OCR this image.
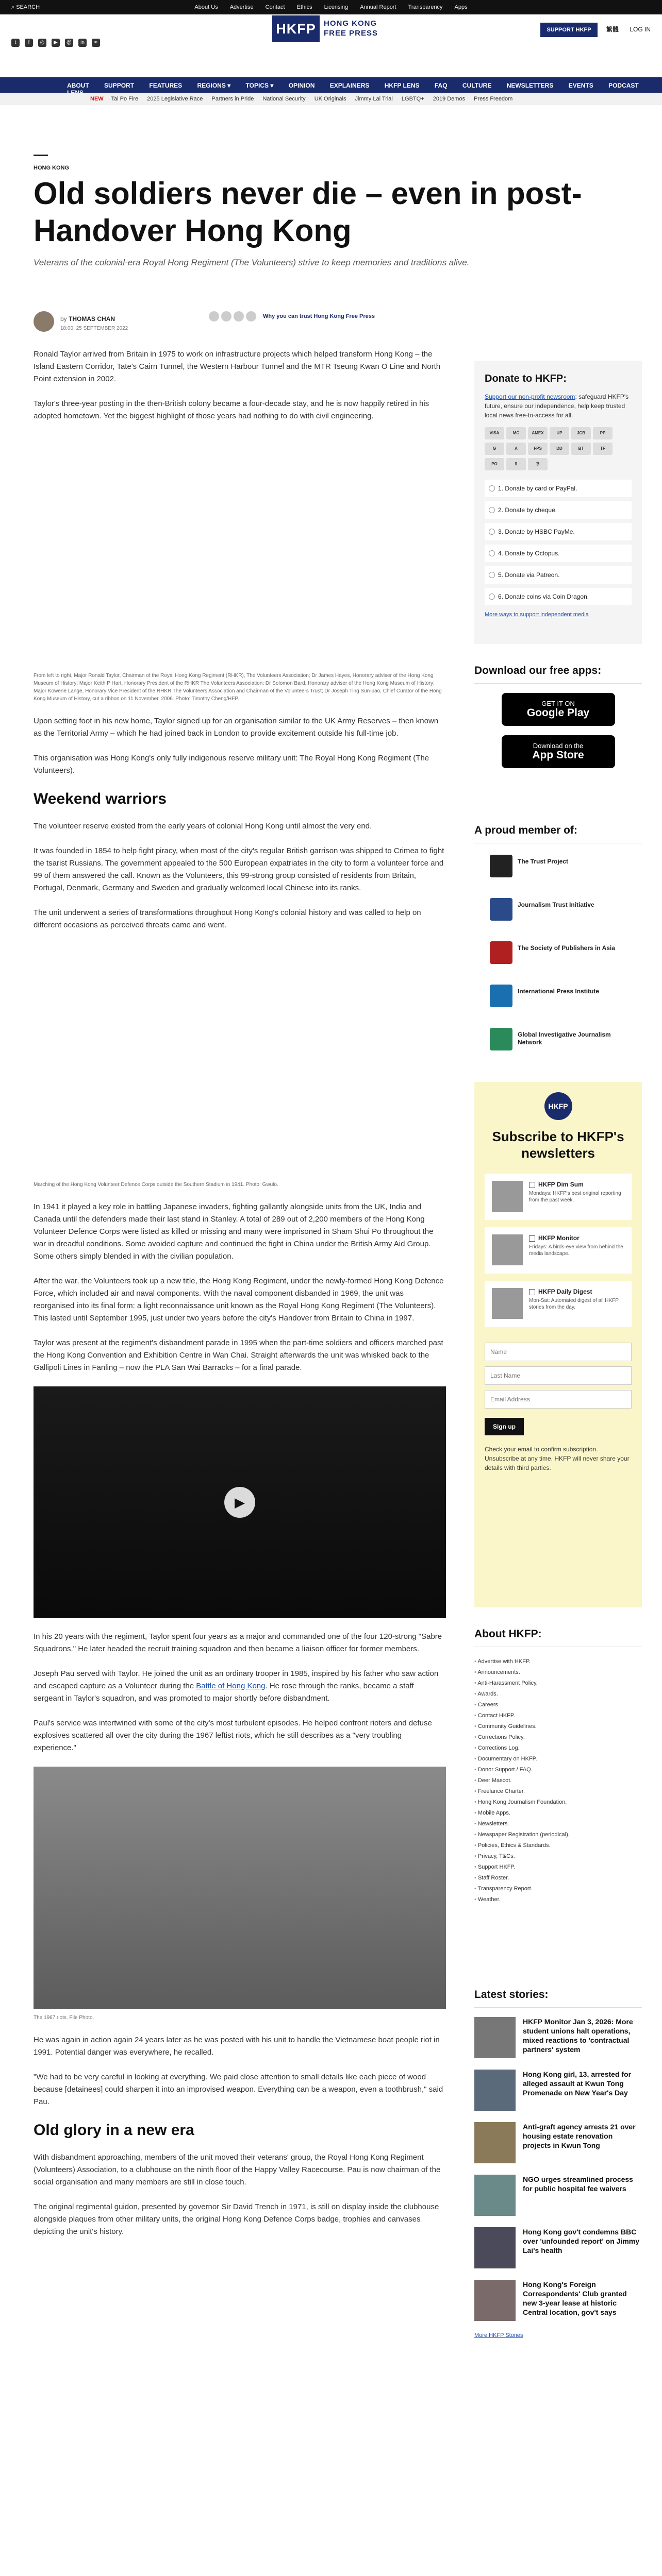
⌕ SEARCH	About Us Advertise Contact Ethics Licensing Annual Report Transparency Apps
t f ◎ ▶ @ in ≈
HKFP	HONG KONG FREE PRESS	SUPPORT HKFP 繁體 LOG IN
ABOUT SUPPORT FEATURES REGIONS ▾ TOPICS ▾ OPINION EXPLAINERS HKFP LENS FAQ CULTURE NEWSLETTERS EVENTS PODCAST
NEW Tai Po Fire 2025 Legislative Race Partners in Pride National Security UK Originals Jimmy Lai Trial LGBTQ+ 2019 Demos Press Freedom
HONG KONG
Old soldiers never die – even in post-Handover Hong Kong
Veterans of the colonial-era Royal Hong Regiment (The Volunteers) strive to keep memories and traditions alive.
by THOMAS CHAN
18:00, 25 SEPTEMBER 2022
Why you can trust Hong Kong Free Press

Ronald Taylor arrived from Britain in 1975 to work on infrastructure projects which helped transform Hong Kong – the Island Eastern Corridor, Tate's Cairn Tunnel, the Western Harbour Tunnel and the MTR Tseung Kwan O Line and North Point extension in 2002.

Taylor's three-year posting in the then-British colony became a four-decade stay, and he is now happily retired in his adopted hometown. Yet the biggest highlight of those years had nothing to do with civil engineering.

From left to right, Major Ronald Taylor, Chairman of the Royal Hong Kong Regiment (RHKR), The Volunteers Association; Dr James Hayes, Honorary adviser of the Hong Kong Museum of History; Major Keith P Hart, Honorary President of the RHKR The Volunteers Association; Dr Solomon Bard, Honorary adviser of the Hong Kong Museum of History; Major Kowene Lange, Honorary Vice President of the RHKR The Volunteers Association and Chairman of the Volunteers Trust; Dr Joseph Ting Sun-pao, Chief Curator of the Hong Kong Museum of History, cut a ribbon on 11 November, 2006. Photo: Timothy Cheng/HFP.

Upon setting foot in his new home, Taylor signed up for an organisation similar to the UK Army Reserves – then known as the Territorial Army – which he had joined back in London to provide excitement outside his full-time job.

This organisation was Hong Kong's only fully indigenous reserve military unit: The Royal Hong Kong Regiment (The Volunteers).

Weekend warriors

The volunteer reserve existed from the early years of colonial Hong Kong until almost the very end.

It was founded in 1854 to help fight piracy, when most of the city's regular British garrison was shipped to Crimea to fight the tsarist Russians. The government appealed to the 500 European expatriates in the city to form a volunteer force and 99 of them answered the call. Known as the Volunteers, this 99-strong group consisted of residents from Britain, Portugal, Denmark, Germany and Sweden and gradually welcomed local Chinese into its ranks.

The unit underwent a series of transformations throughout Hong Kong's colonial history and was called to help on different occasions as perceived threats came and went.

Marching of the Hong Kong Volunteer Defence Corps outside the Southern Stadium in 1941. Photo: Gwulo.

In 1941 it played a key role in battling Japanese invaders, fighting gallantly alongside units from the UK, India and Canada until the defenders made their last stand in Stanley. A total of 289 out of 2,200 members of the Hong Kong Volunteer Defence Corps were listed as killed or missing and many were imprisoned in Sham Shui Po throughout the war in dreadful conditions. Some avoided capture and continued the fight in China under the British Army Aid Group. Some others simply blended in with the civilian population.

After the war, the Volunteers took up a new title, the Hong Kong Regiment, under the newly-formed Hong Kong Defence Force, which included air and naval components. With the naval component disbanded in 1969, the unit was reorganised into its final form: a light reconnaissance unit known as the Royal Hong Kong Regiment (The Volunteers). This lasted until September 1995, just under two years before the city's Handover from Britain to China in 1997.

Taylor was present at the regiment's disbandment parade in 1995 when the part-time soldiers and officers marched past the Hong Kong Convention and Exhibition Centre in Wan Chai. Straight afterwards the unit was whisked back to the Gallipoli Lines in Fanling – now the PLA San Wai Barracks – for a final parade.

▶

In his 20 years with the regiment, Taylor spent four years as a major and commanded one of the four 120-strong "Sabre Squadrons." He later headed the recruit training squadron and then became a liaison officer for former members.

Joseph Pau served with Taylor. He joined the unit as an ordinary trooper in 1985, inspired by his father who saw action and escaped capture as a Volunteer during the Battle of Hong Kong. He rose through the ranks, became a staff sergeant in Taylor's squadron, and was promoted to major shortly before disbandment.

Paul's service was intertwined with some of the city's most turbulent episodes. He helped confront rioters and defuse explosives scattered all over the city during the 1967 leftist riots, which he still describes as a "very troubling experience."

The 1967 riots. File Photo.

He was again in action again 24 years later as he was posted with his unit to handle the Vietnamese boat people riot in 1991. Potential danger was everywhere, he recalled.

"We had to be very careful in looking at everything. We paid close attention to small details like each piece of wood because [detainees] could sharpen it into an improvised weapon. Everything can be a weapon, even a toothbrush," said Pau.

Old glory in a new era

With disbandment approaching, members of the unit moved their veterans' group, the Royal Hong Kong Regiment (Volunteers) Association, to a clubhouse on the ninth floor of the Happy Valley Racecourse. Pau is now chairman of the social organisation and many members are still in close touch.

The original regimental guidon, presented by governor Sir David Trench in 1971, is still on display inside the clubhouse alongside plaques from other military units, the original Hong Kong Defence Corps badge, trophies and canvases depicting the unit's history.

Donate to HKFP:

Support our non-profit newsroom: safeguard HKFP's future, ensure our independence, help keep trusted local news free-to-access for all.

VISA	MC	AMEX	UP	JCB	PPG	A	FPS	DD	BT	TFPO	$	₿
1. Donate by card or PayPal.
2. Donate by cheque.
3. Donate by HSBC PayMe.
4. Donate by Octopus.
5. Donate via Patreon.
6. Donate coins via Coin Dragon.
More ways to support independent media
Download our free apps:
GET IT ON
Google Play
Download on the
App Store
A proud member of:
The Trust Project
Journalism Trust Initiative
The Society of Publishers in Asia
International Press Institute
Global Investigative Journalism Network
HKFP
Subscribe to HKFP's newsletters
HKFP Dim Sum
Mondays: HKFP's best original reporting from the past week.
HKFP Monitor
Fridays: A birds-eye view from behind the media landscape.
HKFP Daily Digest
Mon-Sat: Automated digest of all HKFP stories from the day.
Name Last Name Email Address Sign up
Check your email to confirm subscription. Unsubscribe at any time. HKFP will never share your details with third parties.
About HKFP:
• Advertise with HKFP.
• Announcements.
• Anti-Harassment Policy.
• Awards.
• Careers.
• Contact HKFP.
• Community Guidelines.
• Corrections Policy.
• Corrections Log.
• Documentary on HKFP.
• Donor Support / FAQ.
• Deer Mascot.
• Freelance Charter.
• Hong Kong Journalism Foundation.
• Mobile Apps.
• Newsletters.
• Newspaper Registration (periodical).
• Policies, Ethics & Standards.
• Privacy, T&Cs.
• Support HKFP.
• Staff Roster.
• Transparency Report.
• Weather.
Latest stories:
HKFP Monitor Jan 3, 2026: More student unions halt operations, mixed reactions to 'contractual partners' system
Hong Kong girl, 13, arrested for alleged assault at Kwun Tong Promenade on New Year's Day
Anti-graft agency arrests 21 over housing estate renovation projects in Kwun Tong
NGO urges streamlined process for public hospital fee waivers
Hong Kong gov't condemns BBC over 'unfounded report' on Jimmy Lai's health
Hong Kong's Foreign Correspondents' Club granted new 3-year lease at historic Central location, gov't says
More HKFP Stories
